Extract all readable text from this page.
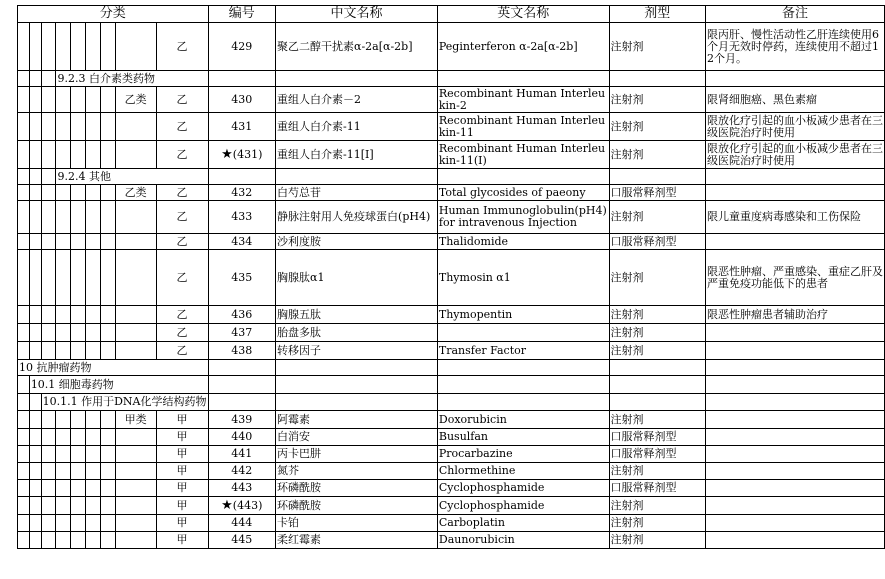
分类									编号	中文名称	英文名称	剂型	备注
								乙	429	聚乙二醇干扰素α-2a[α-2b]	Peginterferon α-2a[α-2b]	注射剂	限丙肝、慢性活动性乙肝连续使用6个月无效时停药，连续使用不超过12个月。
			9.2.3 白介素类药物										
							乙类	乙	430	重组人白介素－2	Recombinant Human Interleukin-2	注射剂	限肾细胞癌、黑色素瘤
								乙	431	重组人白介素-11	Recombinant Human Interleukin-11	注射剂	限放化疗引起的血小板减少患者在三级医院治疗时使用
								乙	★(431)	重组人白介素-11[Ⅰ]	Recombinant Human Interleukin-11(Ⅰ)	注射剂	限放化疗引起的血小板减少患者在三级医院治疗时使用
			9.2.4 其他										
							乙类	乙	432	白芍总苷	Total glycosides of paeony	口服常释剂型	
								乙	433	静脉注射用人免疫球蛋白(pH4)	Human Immunoglobulin(pH4) for intravenous Injection	注射剂	限儿童重度病毒感染和工伤保险
								乙	434	沙利度胺	Thalidomide	口服常释剂型	
								乙	435	胸腺肽α1	Thymosin α1	注射剂	限恶性肿瘤、严重感染、重症乙肝及严重免疫功能低下的患者
								乙	436	胸腺五肽	Thymopentin	注射剂	限恶性肿瘤患者辅助治疗
								乙	437	胎盘多肽		注射剂	
								乙	438	转移因子	Transfer Factor	注射剂	
10 抗肿瘤药物													
	10.1 细胞毒药物												
		10.1.1 作用于DNA化学结构药物											
							甲类	甲	439	阿霉素	Doxorubicin	注射剂	
								甲	440	白消安	Busulfan	口服常释剂型	
								甲	441	丙卡巴肼	Procarbazine	口服常释剂型	
								甲	442	氮芥	Chlormethine	注射剂	
								甲	443	环磷酰胺	Cyclophosphamide	口服常释剂型	
								甲	★(443)	环磷酰胺	Cyclophosphamide	注射剂	
								甲	444	卡铂	Carboplatin	注射剂	
								甲	445	柔红霉素	Daunorubicin	注射剂	
